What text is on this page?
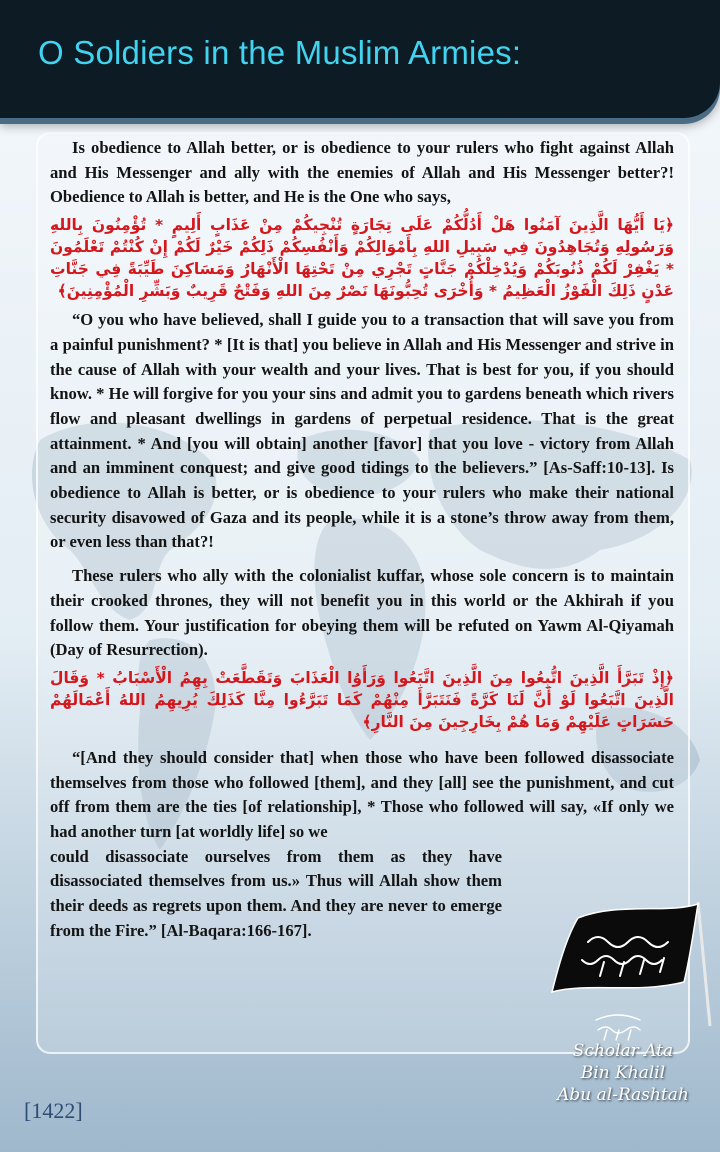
O Soldiers in the Muslim Armies:

Is obedience to Allah better, or is obedience to your rulers who fight against Allah and His Messenger and ally with the enemies of Allah and His Messenger better?! Obedience to Allah is better, and He is the One who says,

﴿يَا أَيُّهَا الَّذِينَ آمَنُوا هَلْ أَدُلُّكُمْ عَلَى تِجَارَةٍ تُنْجِيكُمْ مِنْ عَذَابٍ أَلِيمٍ * تُؤْمِنُونَ بِاللهِ وَرَسُولِهِ وَتُجَاهِدُونَ فِي سَبِيلِ اللهِ بِأَمْوَالِكُمْ وَأَنْفُسِكُمْ ذَلِكُمْ خَيْرٌ لَكُمْ إِنْ كُنْتُمْ تَعْلَمُونَ * يَغْفِرْ لَكُمْ ذُنُوبَكُمْ وَيُدْخِلْكُمْ جَنَّاتٍ تَجْرِي مِنْ تَحْتِهَا الْأَنْهَارُ وَمَسَاكِنَ طَيِّبَةً فِي جَنَّاتِ عَدْنٍ ذَلِكَ الْفَوْزُ الْعَظِيمُ * وَأُخْرَى تُحِبُّونَهَا نَصْرٌ مِنَ اللهِ وَفَتْحٌ قَرِيبٌ وَبَشِّرِ الْمُؤْمِنِينَ﴾

“O you who have believed, shall I guide you to a transaction that will save you from a painful punishment? * [It is that] you believe in Allah and His Messenger and strive in the cause of Allah with your wealth and your lives. That is best for you, if you should know. * He will forgive for you your sins and admit you to gardens beneath which rivers flow and pleasant dwellings in gardens of perpetual residence. That is the great attainment. * And [you will obtain] another [favor] that you love - victory from Allah and an imminent conquest; and give good tidings to the believers.” [As-Saff:10-13]. Is obedience to Allah is better, or is obedience to your rulers who make their national security disavowed of Gaza and its people, while it is a stone’s throw away from them, or even less than that?!

These rulers who ally with the colonialist kuffar, whose sole concern is to maintain their crooked thrones, they will not benefit you in this world or the Akhirah if you follow them. Your justification for obeying them will be refuted on Yawm Al-Qiyamah (Day of Resurrection).

﴿إِذْ تَبَرَّأَ الَّذِينَ اتُّبِعُوا مِنَ الَّذِينَ اتَّبَعُوا وَرَأَوُا الْعَذَابَ وَتَقَطَّعَتْ بِهِمُ الْأَسْبَابُ * وَقَالَ الَّذِينَ اتَّبَعُوا لَوْ أَنَّ لَنَا كَرَّةً فَنَتَبَرَّأَ مِنْهُمْ كَمَا تَبَرَّءُوا مِنَّا كَذَلِكَ يُرِيهِمُ اللهُ أَعْمَالَهُمْ حَسَرَاتٍ عَلَيْهِمْ وَمَا هُمْ بِخَارِجِينَ مِنَ النَّارِ﴾

“[And they should consider that] when those who have been followed disassociate themselves from those who followed [them], and they [all] see the punishment, and cut off from them are the ties [of relationship], * Those who followed will say, «If only we had another turn [at worldly life] so we

could disassociate ourselves from them as they have disassociated themselves from us.» Thus will Allah show them their deeds as regrets upon them. And they are never to emerge from the Fire.” [Al-Baqara:166-167].

Scholar Ata
Bin Khalil
Abu al-Rashtah
[1422]
